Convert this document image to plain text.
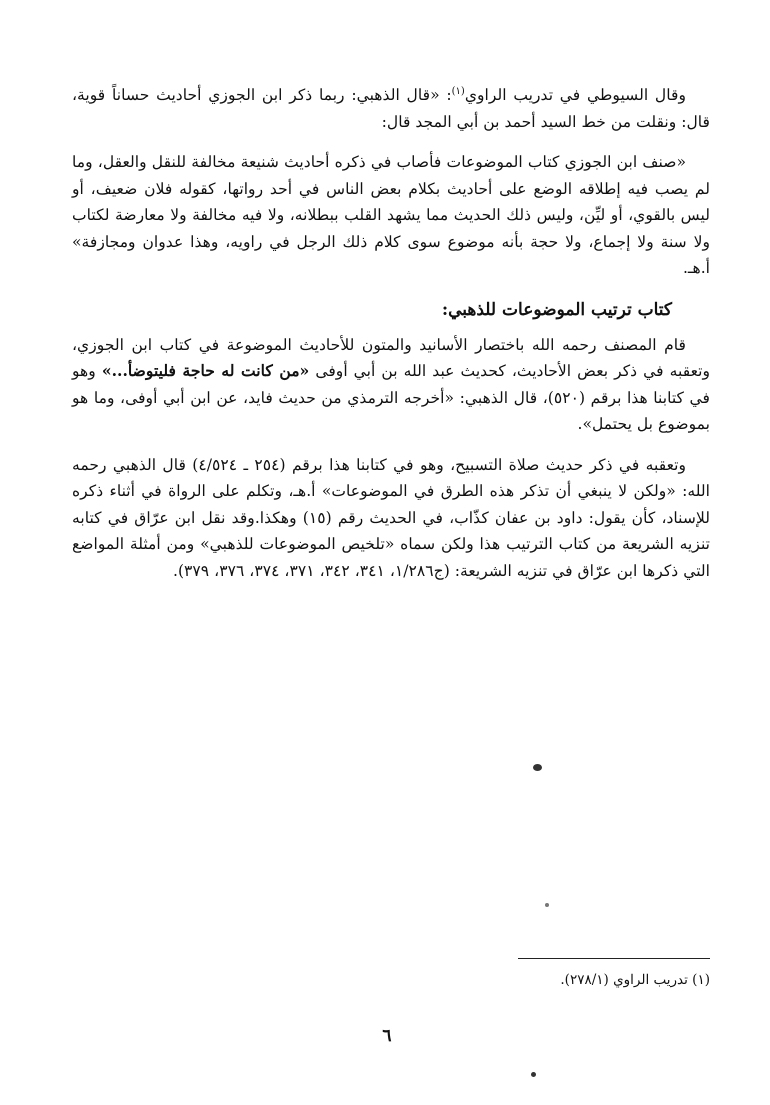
وقال السيوطي في تدريب الراوي$^{(١)}$: «قال الذهبي: ربما ذكر ابن الجوزي أحاديث حساناً قوية، قال: ونقلت من خط السيد أحمد بن أبي المجد قال:

«صنف ابن الجوزي كتاب الموضوعات فأصاب في ذكره أحاديث شنيعة مخالفة للنقل والعقل، وما لم يصب فيه إطلاقه الوضع على أحاديث بكلام بعض الناس في أحد رواتها، كقوله فلان ضعيف، أو ليس بالقوي، أو ليِّن، وليس ذلك الحديث مما يشهد القلب ببطلانه، ولا فيه مخالفة ولا معارضة لكتاب ولا سنة ولا إجماع، ولا حجة بأنه موضوع سوى كلام ذلك الرجل في راويه، وهذا عدوان ومجازفة» أ.هـ.

كتاب ترتيب الموضوعات للذهبي:

قام المصنف رحمه الله باختصار الأسانيد والمتون للأحاديث الموضوعة في كتاب ابن الجوزي، وتعقبه في ذكر بعض الأحاديث، كحديث عبد الله بن أبي أوفى «من كانت له حاجة فليتوضأ...» وهو في كتابنا هذا برقم (٥٢٠)، قال الذهبي: «أخرجه الترمذي من حديث فايد، عن ابن أبي أوفى، وما هو بموضوع بل يحتمل».

وتعقبه في ذكر حديث صلاة التسبيح، وهو في كتابنا هذا برقم (٢٥٤ ـ ٤/٥٢٤) قال الذهبي رحمه الله: «ولكن لا ينبغي أن تذكر هذه الطرق في الموضوعات» أ.هـ، وتكلم على الرواة في أثناء ذكره للإسناد، كأن يقول: داود بن عفان كذّاب، في الحديث رقم (١٥) وهكذا.وقد نقل ابن عرّاق في كتابه تنزيه الشريعة من كتاب الترتيب هذا ولكن سماه «تلخيص الموضوعات للذهبي» ومن أمثلة المواضع التي ذكرها ابن عرّاق في تنزيه الشريعة: (ج١/٢٨٦، ٣٤١، ٣٤٢، ٣٧١، ٣٧٤، ٣٧٦، ٣٧٩).

(١) تدريب الراوي (٢٧٨/١).
٦
